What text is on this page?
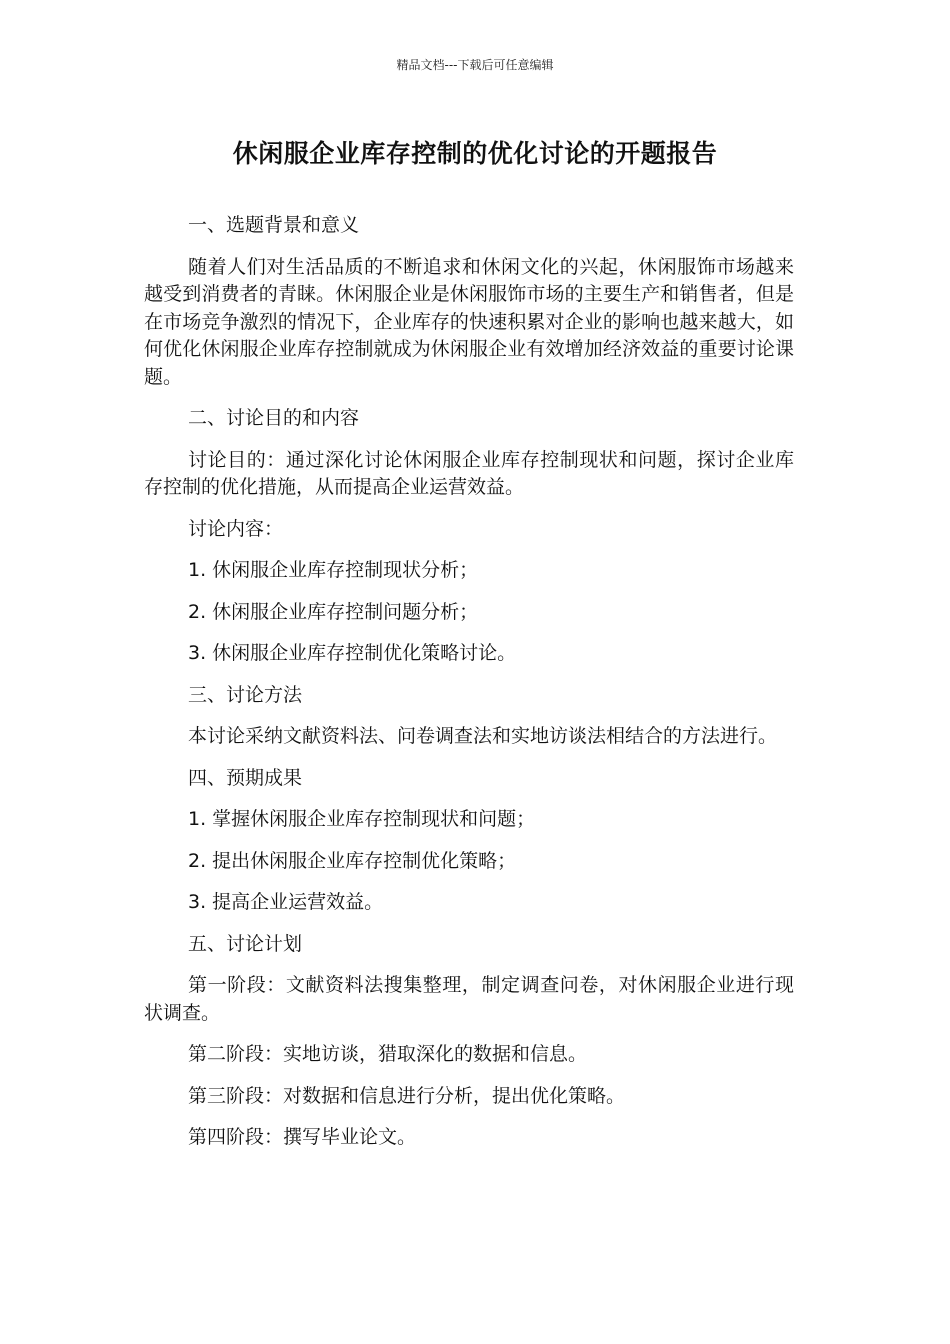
精品文档---下载后可任意编辑
休闲服企业库存控制的优化讨论的开题报告

一、选题背景和意义

随着人们对生活品质的不断追求和休闲文化的兴起，休闲服饰市场越来越受到消费者的青睐。休闲服企业是休闲服饰市场的主要生产和销售者，但是在市场竞争激烈的情况下，企业库存的快速积累对企业的影响也越来越大，如何优化休闲服企业库存控制就成为休闲服企业有效增加经济效益的重要讨论课题。

二、讨论目的和内容

讨论目的：通过深化讨论休闲服企业库存控制现状和问题，探讨企业库存控制的优化措施，从而提高企业运营效益。

讨论内容：

1. 休闲服企业库存控制现状分析；

2. 休闲服企业库存控制问题分析；

3. 休闲服企业库存控制优化策略讨论。

三、讨论方法

本讨论采纳文献资料法、问卷调查法和实地访谈法相结合的方法进行。

四、预期成果

1. 掌握休闲服企业库存控制现状和问题；

2. 提出休闲服企业库存控制优化策略；

3. 提高企业运营效益。

五、讨论计划

第一阶段：文献资料法搜集整理，制定调查问卷，对休闲服企业进行现状调查。

第二阶段：实地访谈，猎取深化的数据和信息。

第三阶段：对数据和信息进行分析，提出优化策略。

第四阶段：撰写毕业论文。
